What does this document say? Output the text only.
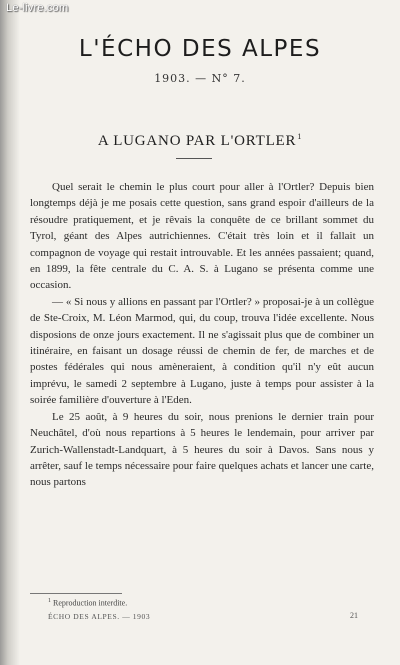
Le-livre.com
L'ÉCHO DES ALPES
1903. — N° 7.
A LUGANO PAR L'ORTLER$^1$

Quel serait le chemin le plus court pour aller à l'Ortler? Depuis bien longtemps déjà je me posais cette question, sans grand espoir d'ailleurs de la résoudre pratiquement, et je rêvais la conquête de ce brillant sommet du Tyrol, géant des Alpes autrichiennes. C'était très loin et il fallait un compagnon de voyage qui restait introuvable. Et les années passaient; quand, en 1899, la fête centrale du C. A. S. à Lugano se présenta comme une occasion.

— « Si nous y allions en passant par l'Ortler? » proposai-je à un collègue de Ste-Croix, M. Léon Marmod, qui, du coup, trouva l'idée excellente. Nous disposions de onze jours exactement. Il ne s'agissait plus que de combiner un itinéraire, en faisant un dosage réussi de chemin de fer, de marches et de postes fédérales qui nous amèneraient, à condition qu'il n'y eût aucun imprévu, le samedi 2 septembre à Lugano, juste à temps pour assister à la soirée familière d'ouverture à l'Eden.

Le 25 août, à 9 heures du soir, nous prenions le dernier train pour Neuchâtel, d'où nous repartions à 5 heures le lendemain, pour arriver par Zurich-Wallenstadt-Landquart, à 5 heures du soir à Davos. Sans nous y arrêter, sauf le temps nécessaire pour faire quelques achats et lancer une carte, nous partons

$^1$ Reproduction interdite.
ÉCHO DES ALPES. — 1903	21
